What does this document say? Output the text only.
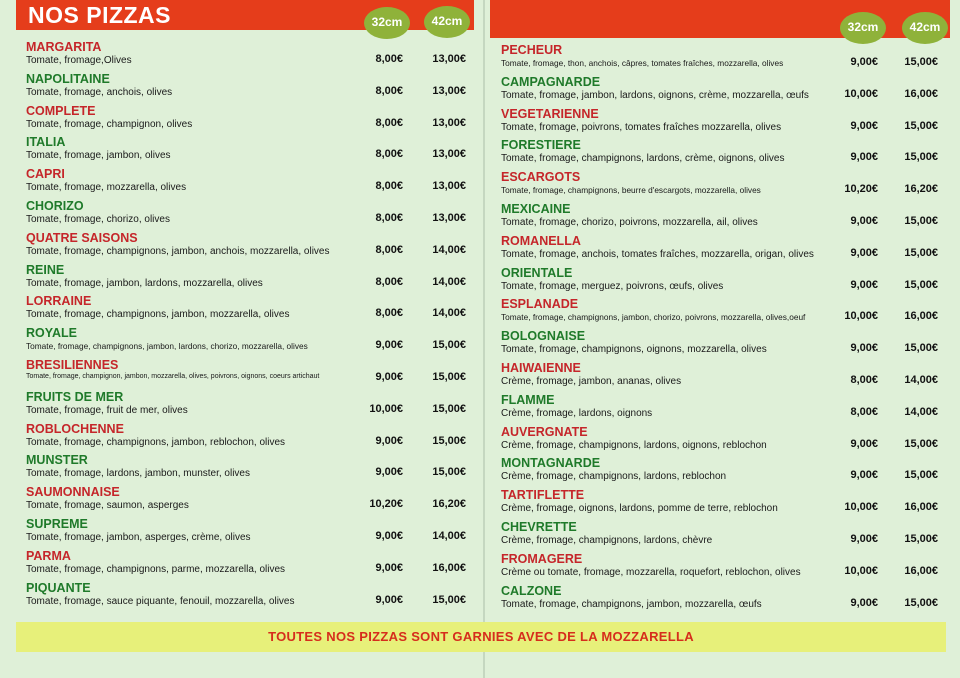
NOS PIZZAS	32cm	42cm	32cm	42cm
MARGARITA
Tomate, fromage,Olives	8,00€	13,00€
NAPOLITAINE
Tomate, fromage, anchois, olives	8,00€	13,00€
COMPLETE
Tomate, fromage, champignon, olives	8,00€	13,00€
ITALIA
Tomate, fromage, jambon, olives	8,00€	13,00€
CAPRI
Tomate, fromage, mozzarella, olives	8,00€	13,00€
CHORIZO
Tomate, fromage, chorizo, olives	8,00€	13,00€
QUATRE SAISONS
Tomate, fromage, champignons, jambon, anchois, mozzarella, olives	8,00€	14,00€
REINE
Tomate, fromage, jambon, lardons, mozzarella, olives	8,00€	14,00€
LORRAINE
Tomate, fromage, champignons, jambon, mozzarella, olives	8,00€	14,00€
ROYALE
Tomate, fromage, champignons, jambon, lardons, chorizo, mozzarella, olives	9,00€	15,00€
BRESILIENNES
Tomate, fromage, champignon, jambon, mozzarella, olives, poivrons, oignons, coeurs artichaut	9,00€	15,00€
FRUITS DE MER
Tomate, fromage, fruit de mer, olives	10,00€	15,00€
ROBLOCHENNE
Tomate, fromage, champignons, jambon, reblochon, olives	9,00€	15,00€
MUNSTER
Tomate, fromage, lardons, jambon, munster, olives	9,00€	15,00€
SAUMONNAISE
Tomate, fromage, saumon, asperges	10,20€	16,20€
SUPREME
Tomate, fromage, jambon, asperges, crème, olives	9,00€	14,00€
PARMA
Tomate, fromage, champignons, parme, mozzarella, olives	9,00€	16,00€
PIQUANTE
Tomate, fromage, sauce piquante, fenouil, mozzarella, olives	9,00€	15,00€
PECHEUR
Tomate, fromage, thon, anchois, câpres, tomates fraîches, mozzarella, olives	9,00€	15,00€
CAMPAGNARDE
Tomate, fromage, jambon, lardons, oignons, crème, mozzarella, œufs	10,00€	16,00€
VEGETARIENNE
Tomate, fromage, poivrons, tomates fraîches mozzarella, olives	9,00€	15,00€
FORESTIERE
Tomate, fromage, champignons, lardons, crème, oignons, olives	9,00€	15,00€
ESCARGOTS
Tomate, fromage, champignons, beurre d'escargots, mozzarella, olives	10,20€	16,20€
MEXICAINE
Tomate, fromage, chorizo, poivrons, mozzarella, ail, olives	9,00€	15,00€
ROMANELLA
Tomate, fromage, anchois, tomates fraîches, mozzarella, origan, olives	9,00€	15,00€
ORIENTALE
Tomate, fromage, merguez, poivrons, œufs, olives	9,00€	15,00€
ESPLANADE
Tomate, fromage, champignons, jambon, chorizo, poivrons, mozzarella, olives,oeuf	10,00€	16,00€
BOLOGNAISE
Tomate, fromage, champignons, oignons, mozzarella, olives	9,00€	15,00€
HAIWAIENNE
Crème, fromage, jambon, ananas, olives	8,00€	14,00€
FLAMME
Crème, fromage, lardons, oignons	8,00€	14,00€
AUVERGNATE
Crème, fromage, champignons, lardons, oignons, reblochon	9,00€	15,00€
MONTAGNARDE
Crème, fromage, champignons, lardons, reblochon	9,00€	15,00€
TARTIFLETTE
Crème, fromage, oignons, lardons, pomme de terre, reblochon	10,00€	16,00€
CHEVRETTE
Crème, fromage, champignons, lardons, chèvre	9,00€	15,00€
FROMAGERE
Crème ou tomate, fromage, mozzarella, roquefort, reblochon, olives	10,00€	16,00€
CALZONE
Tomate, fromage, champignons, jambon, mozzarella, œufs	9,00€	15,00€
TOUTES NOS PIZZAS SONT GARNIES AVEC DE LA MOZZARELLA
